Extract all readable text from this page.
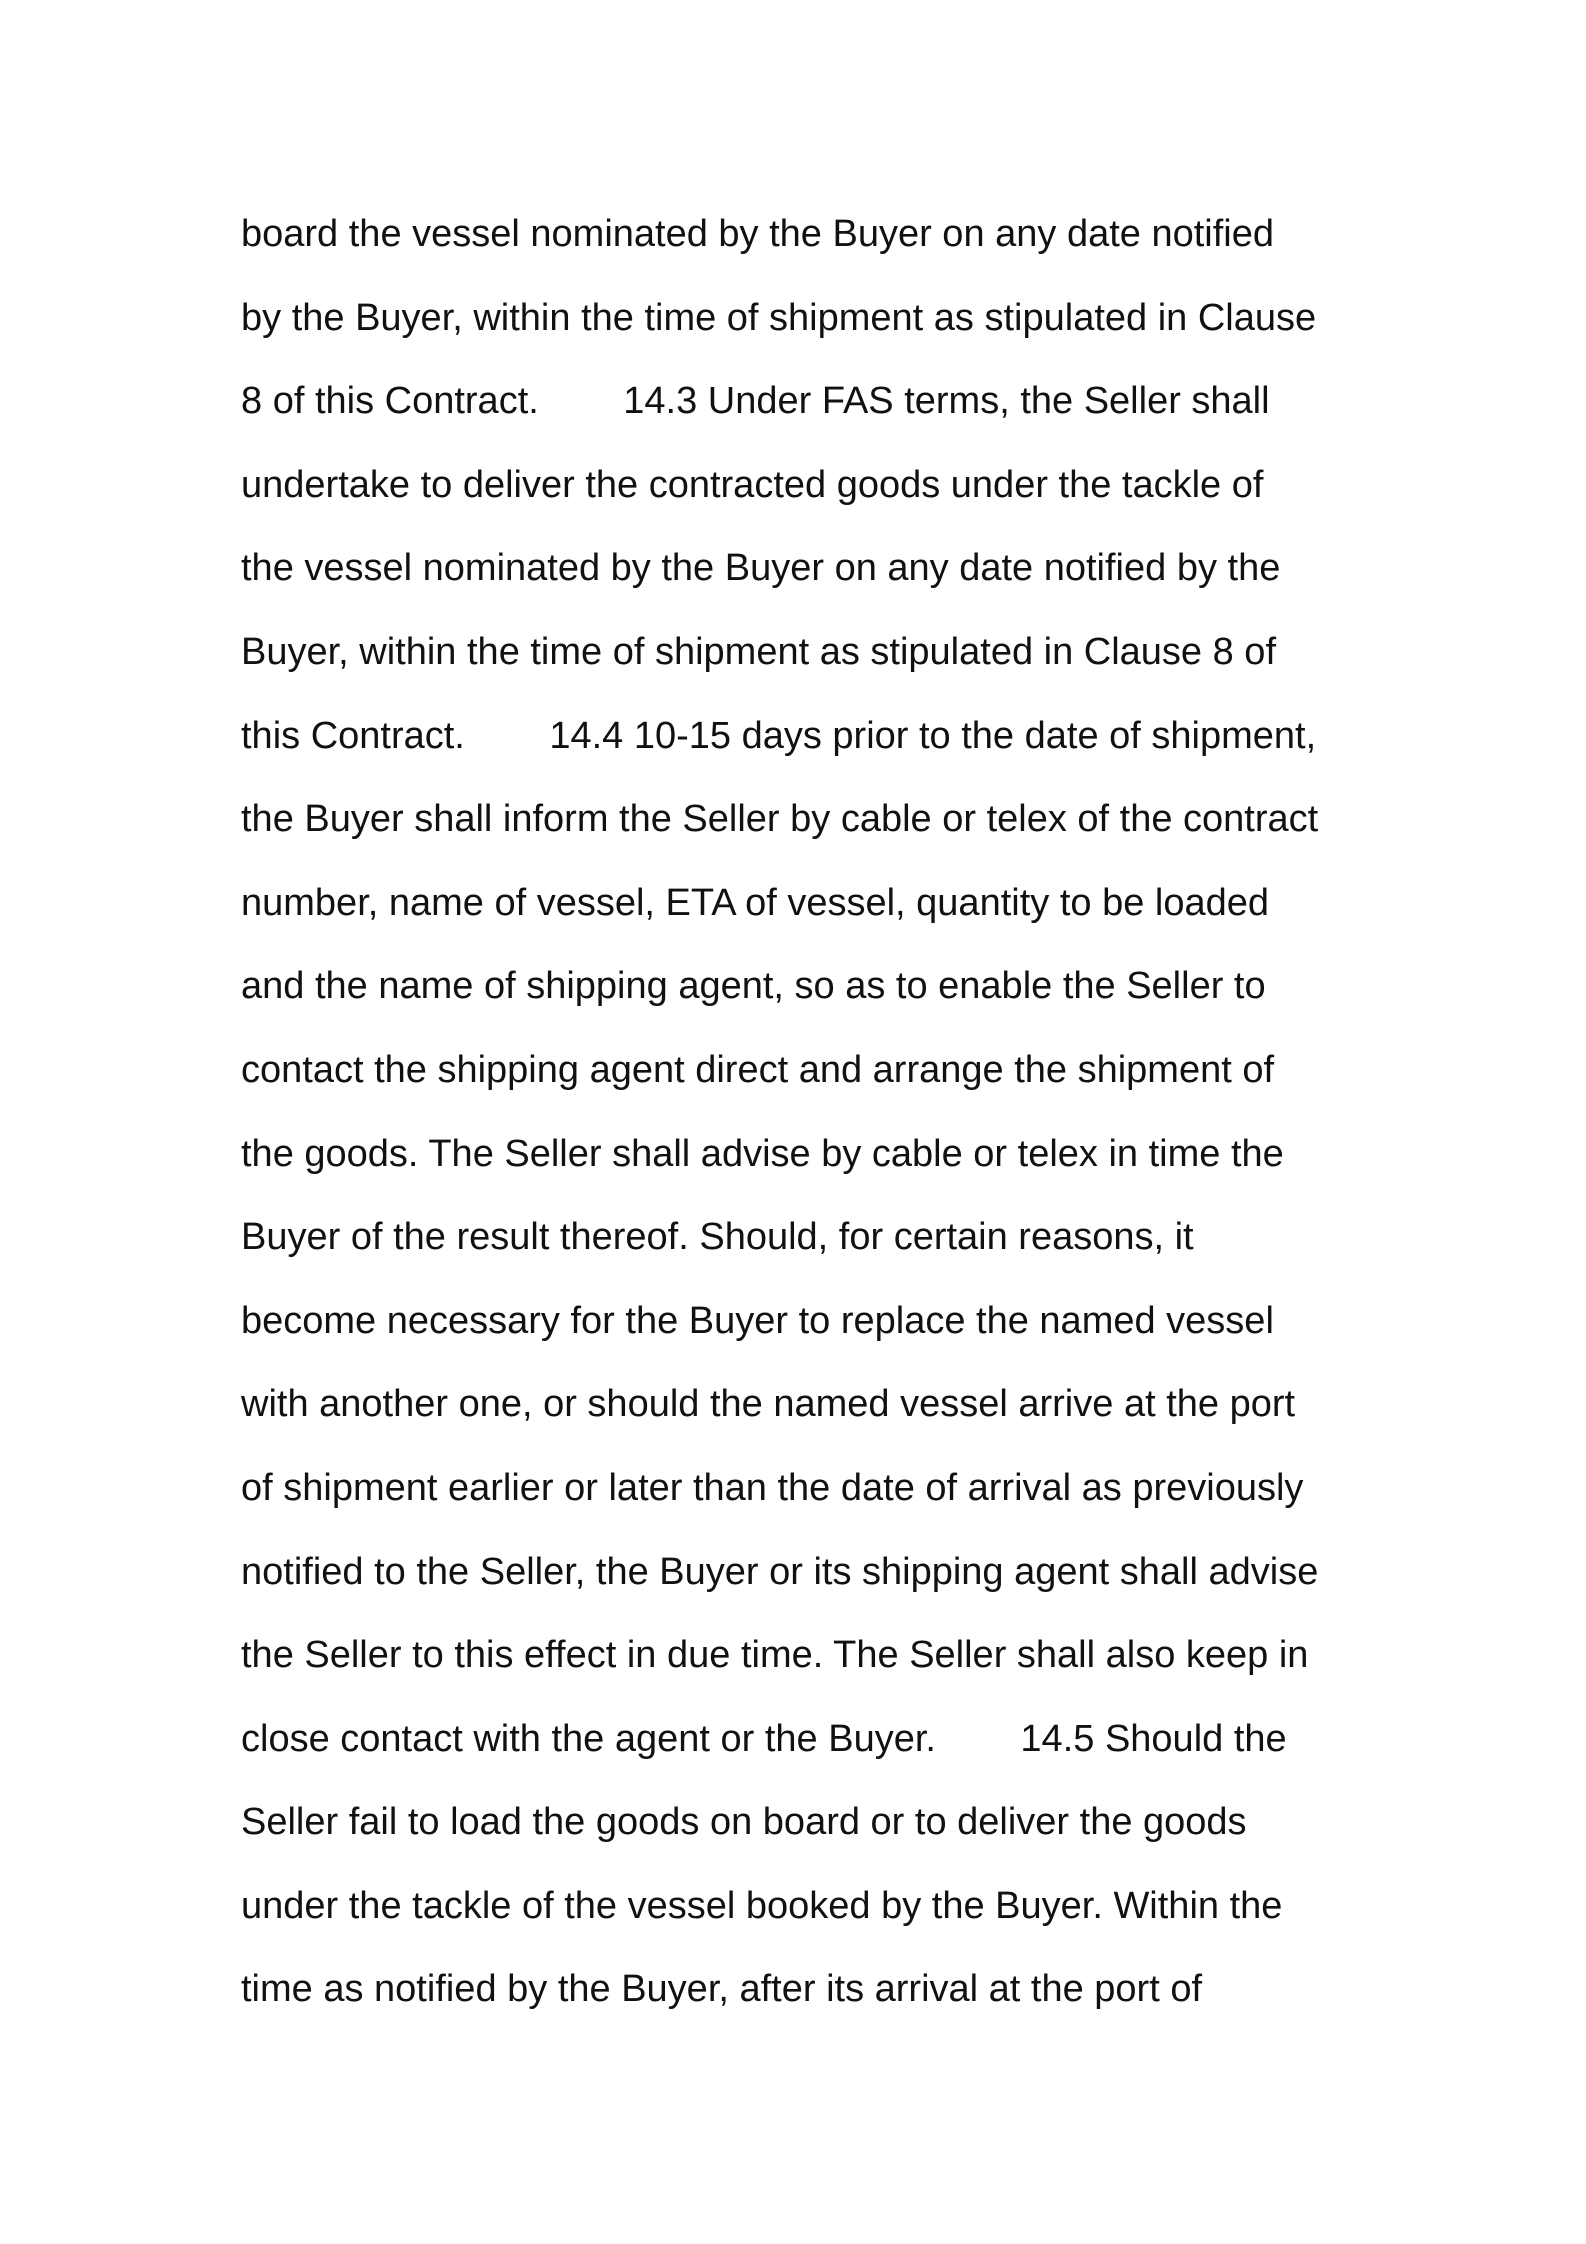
board the vessel nominated by the Buyer on any date notified
by the Buyer, within the time of shipment as stipulated in Clause
8 of this Contract.        14.3 Under FAS terms, the Seller shall
undertake to deliver the contracted goods under the tackle of
the vessel nominated by the Buyer on any date notified by the
Buyer, within the time of shipment as stipulated in Clause 8 of
this Contract.        14.4 10-15 days prior to the date of shipment,
the Buyer shall inform the Seller by cable or telex of the contract
number, name of vessel, ETA of vessel, quantity to be loaded
and the name of shipping agent, so as to enable the Seller to
contact the shipping agent direct and arrange the shipment of
the goods. The Seller shall advise by cable or telex in time the
Buyer of the result thereof. Should, for certain reasons, it
become necessary for the Buyer to replace the named vessel
with another one, or should the named vessel arrive at the port
of shipment earlier or later than the date of arrival as previously
notified to the Seller, the Buyer or its shipping agent shall advise
the Seller to this effect in due time. The Seller shall also keep in
close contact with the agent or the Buyer.        14.5 Should the
Seller fail to load the goods on board or to deliver the goods
under the tackle of the vessel booked by the Buyer. Within the
time as notified by the Buyer, after its arrival at the port of
